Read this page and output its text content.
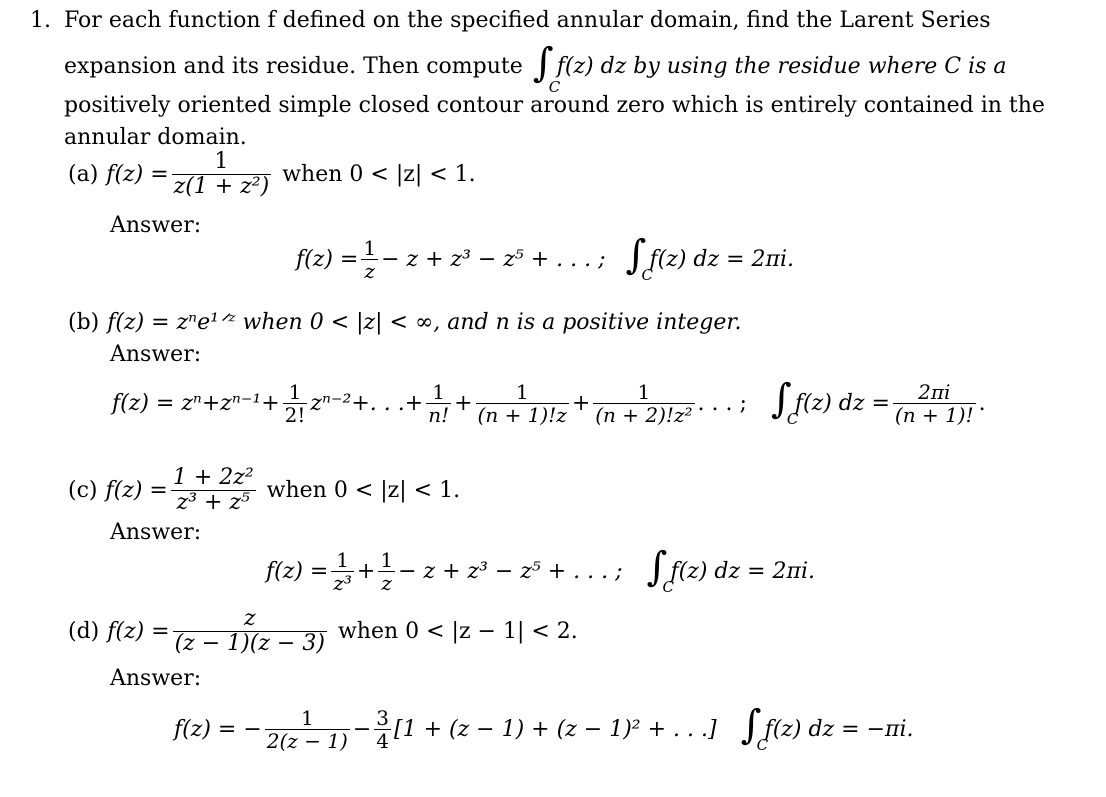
1. For each function f defined on the specified annular domain, find the Larent Series
expansion and its residue. Then compute ∫
C
f(z) dz by using the residue where C is a
positively oriented simple closed contour around zero which is entirely contained in the
annular domain.
(a) $f(z) = \frac{1}{\text{z(1 + z²)}}$ when 0 < |z| < 1.
Answer:
$f(z) = \frac{1}{z} - z + z^3 - z^5$ + . . . ; ∫
C
f(z) dz = 2πi.
(b) f(z) = zⁿe¹ᐟᶻ when 0 < |z| < ∞, and n is a positive integer.
Answer:
$f(z) = z^n+z^{n-1}+ \frac{1}{2!} z^{n-2}+$. . .+ $\frac{1}{n!} + \frac{1}{(n + 1)!z} + \frac{1}{\text{(n + 2)!z²}}$ . . . ; ∫
C
f(z) dz = $\frac{2\pi i}{(n + 1)!}$ .
(c) $f(z) = \frac{\text{1 + 2z²}}{\text{z³ + z⁵}}$ when 0 < |z| < 1.
Answer:
$f(z) = \frac{1}{\text{z³}} + \frac{1}{z} - z + z^3 - z^5$ + . . . ; ∫
C
f(z) dz = 2πi.
(d) $f(z) = \frac{z}{(z - 1)(z - 3)}$ when 0 < |z − 1| < 2.
Answer:
f(z) = − $\frac{1}{2(z - 1)} - \frac{3}{4} [1 + (z - 1) + (z - 1)^2$ + . . .] ∫
C
f(z) dz = −πi.
